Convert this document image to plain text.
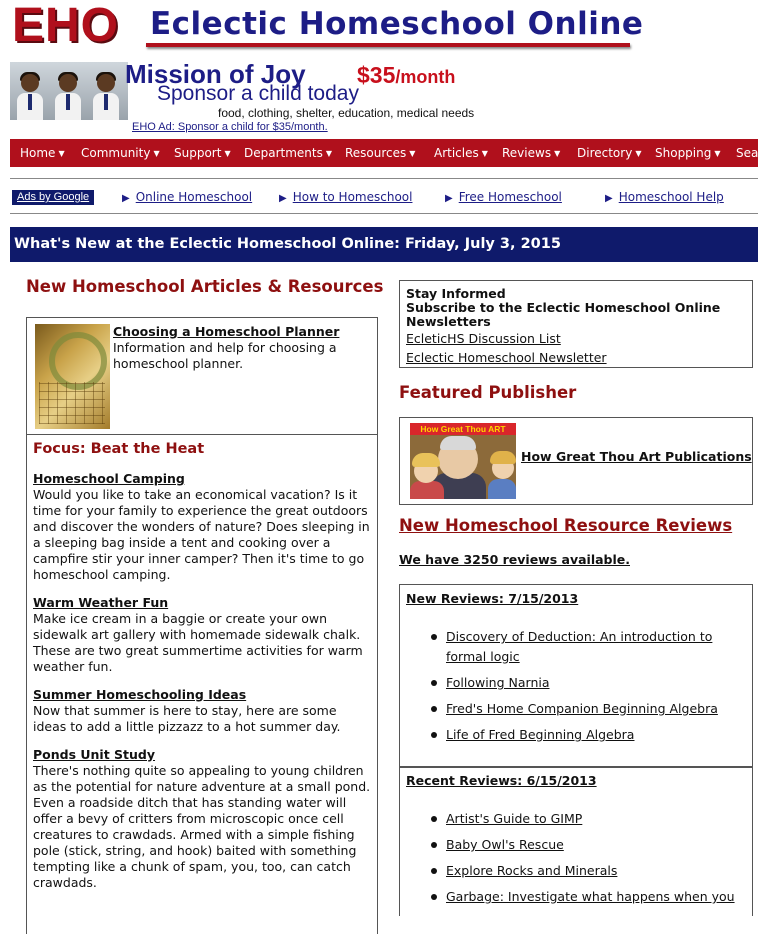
EHO Eclectic Homeschool Online
Mission of Joy $35/month
Sponsor a child today
food, clothing, shelter, education, medical needs
EHO Ad: Sponsor a child for $35/month.
Home ▼ Community ▼ Support ▼ Departments ▼ Resources ▼ Articles ▼ Reviews ▼ Directory ▼ Shopping ▼ Sea
Ads by Google	▶ Online Homeschool	▶ How to Homeschool	▶ Free Homeschool	▶ Homeschool Help
What's New at the Eclectic Homeschool Online: Friday, July 3, 2015
New Homeschool Articles & Resources
Choosing a Homeschool Planner
Information and help for choosing a homeschool planner.
Focus: Beat the Heat
Homeschool Camping
Would you like to take an economical vacation? Is it time for your family to experience the great outdoors and discover the wonders of nature? Does sleeping in a sleeping bag inside a tent and cooking over a campfire stir your inner camper? Then it's time to go homeschool camping.
Warm Weather Fun
Make ice cream in a baggie or create your own sidewalk art gallery with homemade sidewalk chalk. These are two great summertime activities for warm weather fun.
Summer Homeschooling Ideas
Now that summer is here to stay, here are some ideas to add a little pizzazz to a hot summer day.
Ponds Unit Study
There's nothing quite so appealing to young children as the potential for nature adventure at a small pond. Even a roadside ditch that has standing water will offer a bevy of critters from microscopic once cell creatures to crawdads. Armed with a simple fishing pole (stick, string, and hook) baited with something tempting like a chunk of spam, you, too, can catch crawdads.
Stay Informed
Subscribe to the Eclectic Homeschool Online Newsletters
EcleticHS Discussion List
Eclectic Homeschool Newsletter
Featured Publisher
How Great Thou ART
How Great Thou Art Publications
New Homeschool Resource Reviews
We have 3250 reviews available.
New Reviews: 7/15/2013
Discovery of Deduction: An introduction to formal logic
Following Narnia
Fred's Home Companion Beginning Algebra
Life of Fred Beginning Algebra
Recent Reviews: 6/15/2013
Artist's Guide to GIMP
Baby Owl's Rescue
Explore Rocks and Minerals
Garbage: Investigate what happens when you
